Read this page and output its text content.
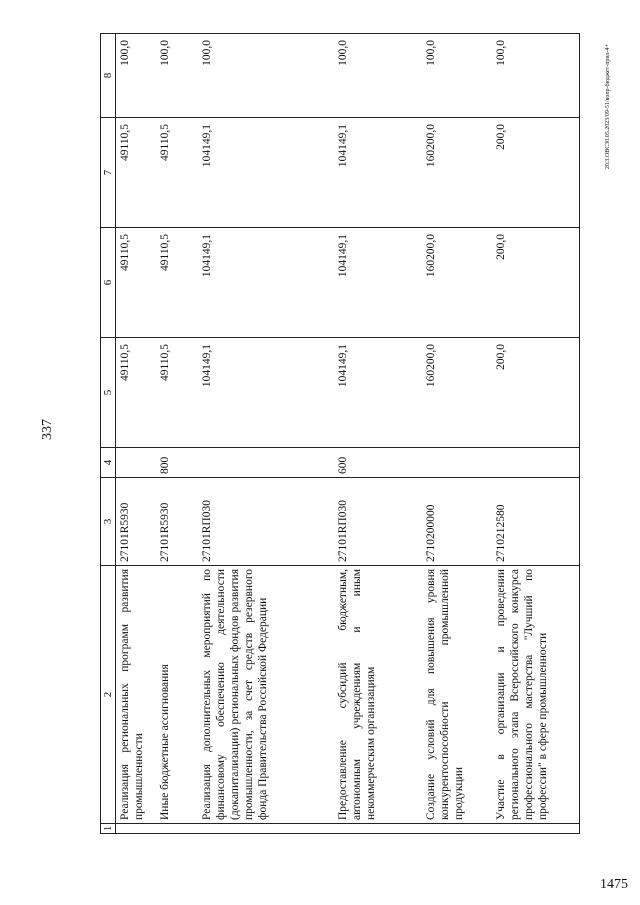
337
1475
20.3.ОВС30.05.2023/09-51/вопр-бюджет-прил-4+
1	2	3	4	5	6	7	8
	Реализация региональных программ развития промышленности	27101R5930		49110,5	49110,5	49110,5	100,0
	Иные бюджетные ассигнования	27101R5930	800	49110,5	49110,5	49110,5	100,0
	Реализация дополнительных мероприятий по финансовому обеспечению деятельности (докапитализации) региональных фондов развития промышленности, за счет средств резервного фонда Правительства Российской Федерации	27101RП030		104149,1	104149,1	104149,1	100,0
	Предоставление субсидий бюджетным, автономным учреждениям и иным некоммерческим организациям	27101RП030	600	104149,1	104149,1	104149,1	100,0
	Создание условий для повышения уровня конкурентоспособности промышленной продукции	2710200000		160200,0	160200,0	160200,0	100,0
	Участие в организации и проведении регионального этапа Всероссийского конкурса профессионального мастерства "Лучший по профессии" в сфере промышленности	2710212580		200,0	200,0	200,0	100,0
